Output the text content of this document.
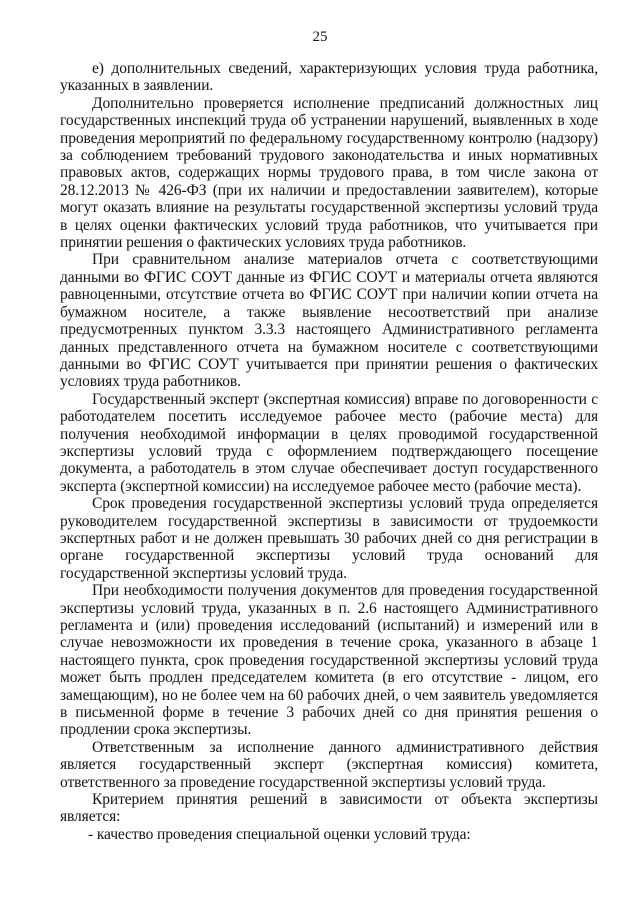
25

е) дополнительных сведений, характеризующих условия труда работника, указанных в заявлении.

Дополнительно проверяется исполнение предписаний должностных лиц государственных инспекций труда об устранении нарушений, выявленных в ходе проведения мероприятий по федеральному государственному контролю (надзору) за соблюдением требований трудового законодательства и иных нормативных правовых актов, содержащих нормы трудового права, в том числе закона от 28.12.2013 № 426-ФЗ (при их наличии и предоставлении заявителем), которые могут оказать влияние на результаты государственной экспертизы условий труда в целях оценки фактических условий труда работников, что учитывается при принятии решения о фактических условиях труда работников.

При сравнительном анализе материалов отчета с соответствующими данными во ФГИС СОУТ данные из ФГИС СОУТ и материалы отчета являются равноценными, отсутствие отчета во ФГИС СОУТ при наличии копии отчета на бумажном носителе, а также выявление несоответствий при анализе предусмотренных пунктом 3.3.3 настоящего Административного регламента данных представленного отчета на бумажном носителе с соответствующими данными во ФГИС СОУТ учитывается при принятии решения о фактических условиях труда работников.

Государственный эксперт (экспертная комиссия) вправе по договоренности с работодателем посетить исследуемое рабочее место (рабочие места) для получения необходимой информации в целях проводимой государственной экспертизы условий труда с оформлением подтверждающего посещение документа, а работодатель в этом случае обеспечивает доступ государственного эксперта (экспертной комиссии) на исследуемое рабочее место (рабочие места).

Срок проведения государственной экспертизы условий труда определяется руководителем государственной экспертизы в зависимости от трудоемкости экспертных работ и не должен превышать 30 рабочих дней со дня регистрации в органе государственной экспертизы условий труда оснований для государственной экспертизы условий труда.

При необходимости получения документов для проведения государственной экспертизы условий труда, указанных в п. 2.6 настоящего Административного регламента и (или) проведения исследований (испытаний) и измерений или в случае невозможности их проведения в течение срока, указанного в абзаце 1 настоящего пункта, срок проведения государственной экспертизы условий труда может быть продлен председателем комитета (в его отсутствие - лицом, его замещающим), но не более чем на 60 рабочих дней, о чем заявитель уведомляется в письменной форме в течение 3 рабочих дней со дня принятия решения о продлении срока экспертизы.

Ответственным за исполнение данного административного действия является государственный эксперт (экспертная комиссия) комитета, ответственного за проведение государственной экспертизы условий труда.

Критерием принятия решений в зависимости от объекта экспертизы является:

- качество проведения специальной оценки условий труда:
